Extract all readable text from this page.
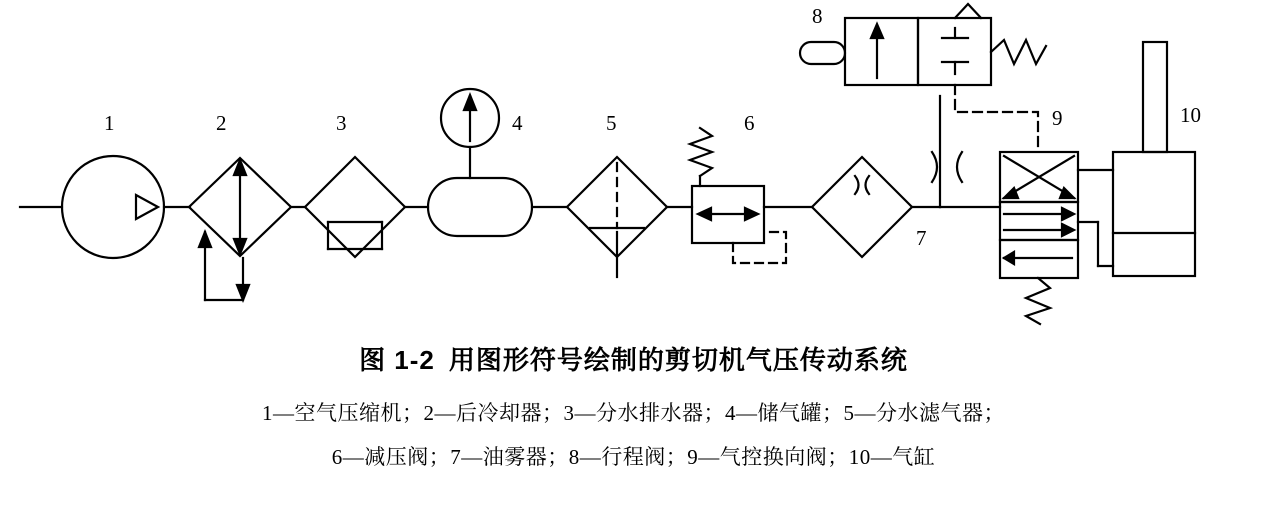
1	2	3	4	5	6
7
8
9	10
图 1-2 用图形符号绘制的剪切机气压传动系统
1—空气压缩机；2—后冷却器；3—分水排水器；4—储气罐；5—分水滤气器；
6—减压阀；7—油雾器；8—行程阀；9—气控换向阀；10—气缸
